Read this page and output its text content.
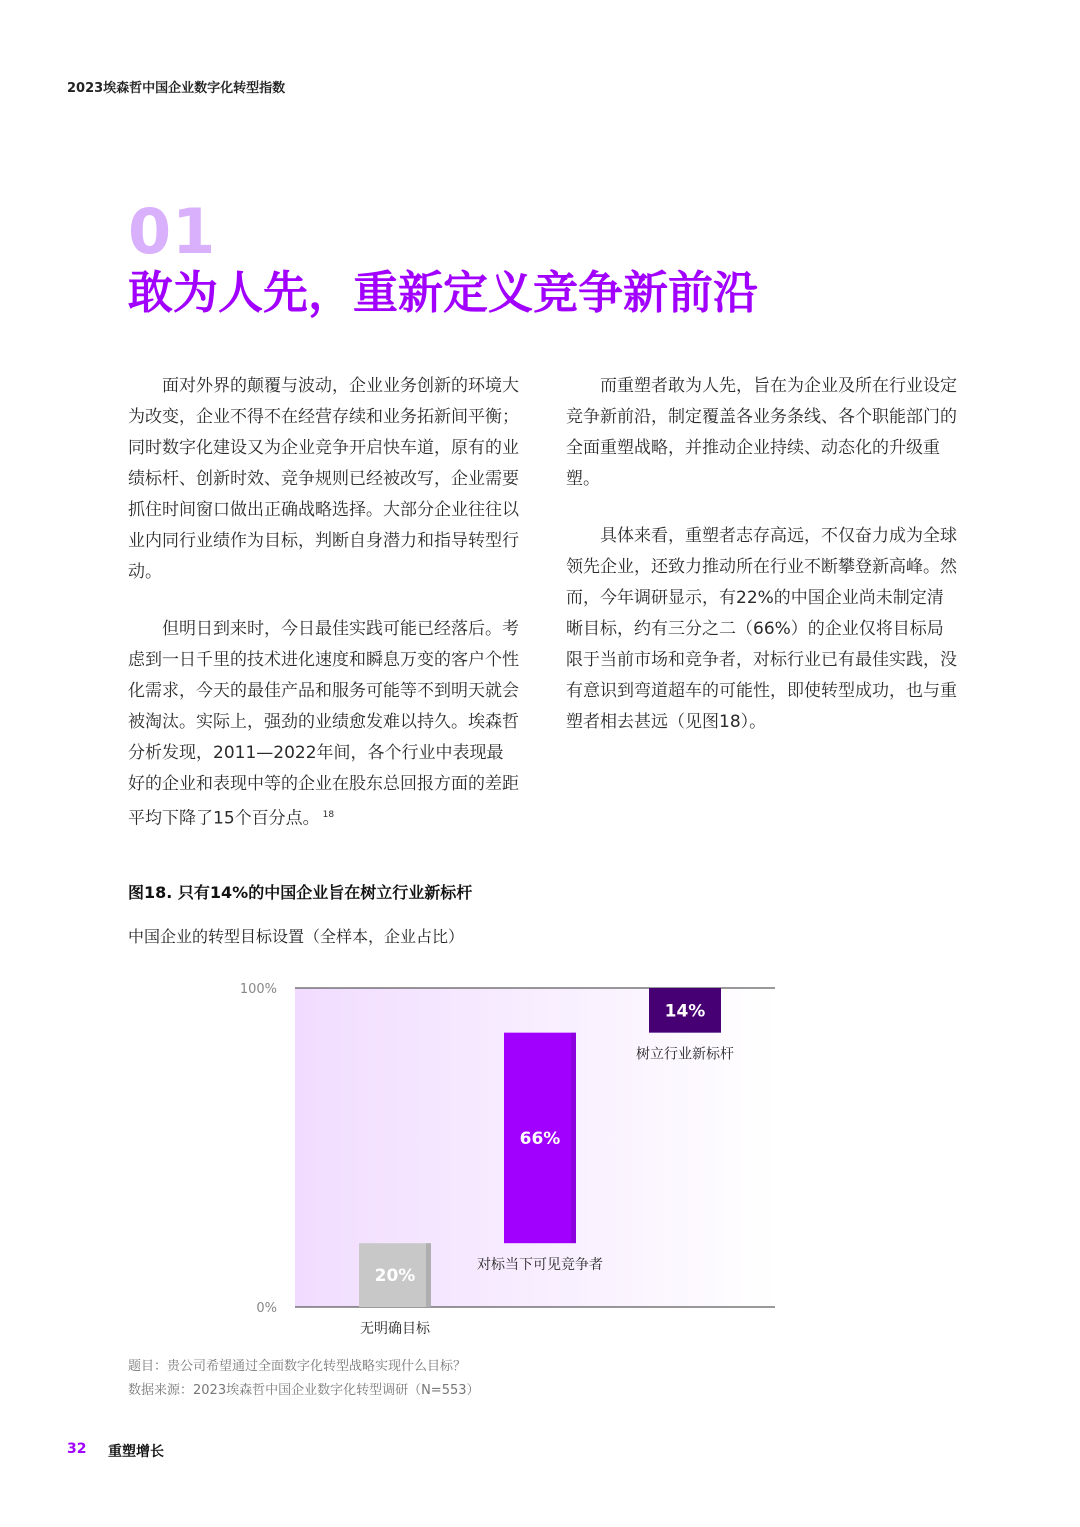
2023埃森哲中国企业数字化转型指数
01
敢为人先，重新定义竞争新前沿

面对外界的颠覆与波动，企业业务创新的环境大为改变，企业不得不在经营存续和业务拓新间平衡；同时数字化建设又为企业竞争开启快车道，原有的业绩标杆、创新时效、竞争规则已经被改写，企业需要抓住时间窗口做出正确战略选择。大部分企业往往以业内同行业绩作为目标，判断自身潜力和指导转型行动。

但明日到来时，今日最佳实践可能已经落后。考虑到一日千里的技术进化速度和瞬息万变的客户个性化需求，今天的最佳产品和服务可能等不到明天就会被淘汰。实际上，强劲的业绩愈发难以持久。埃森哲分析发现，2011—2022年间，各个行业中表现最好的企业和表现中等的企业在股东总回报方面的差距平均下降了15个百分点。 $^{18}$

而重塑者敢为人先，旨在为企业及所在行业设定竞争新前沿，制定覆盖各业务条线、各个职能部门的全面重塑战略，并推动企业持续、动态化的升级重塑。

具体来看，重塑者志存高远，不仅奋力成为全球领先企业，还致力推动所在行业不断攀登新高峰。然而，今年调研显示，有22%的中国企业尚未制定清晰目标，约有三分之二（66%）的企业仅将目标局限于当前市场和竞争者，对标行业已有最佳实践，没有意识到弯道超车的可能性，即使转型成功，也与重塑者相去甚远（见图18）。

图18. 只有14%的中国企业旨在树立行业新标杆
中国企业的转型目标设置（全样本，企业占比）
100%
0%
20%
无明确目标
66%
对标当下可见竞争者
14%
树立行业新标杆
题目：贵公司希望通过全面数字化转型战略实现什么目标？
数据来源：2023埃森哲中国企业数字化转型调研（N=553）
32 重塑增长
